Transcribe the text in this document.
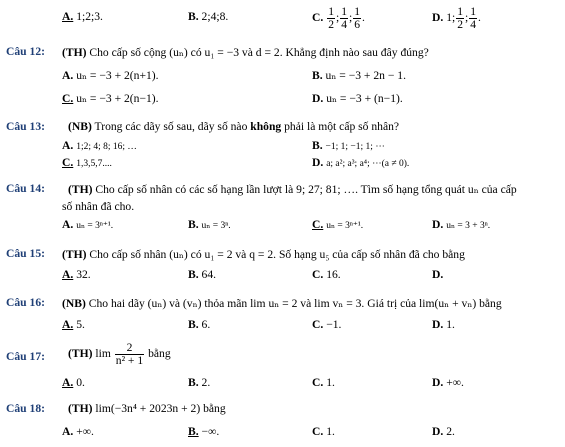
A. 1;2;3.	B. 2;4;8.	C. $\frac{1}{2}$ ; $\frac{1}{4}$ ; $\frac{1}{6}$ .	D. 1; $\frac{1}{2}$ ; $\frac{1}{4}$ .
Câu 12: (TH) Cho cấp số cộng (uₙ) có u₁ = −3 và d = 2. Khẳng định nào sau đây đúng?
A. uₙ = −3 + 2(n+1).	B. uₙ = −3 + 2n − 1.
C. uₙ = −3 + 2(n−1).	D. uₙ = −3 + (n−1).
Câu 13: (NB) Trong các dãy số sau, dãy số nào không phải là một cấp số nhân?
A. 1;2; 4; 8; 16; …	B. −1; 1; −1; 1; ⋯
C. 1,3,5,7....	D. a; a²; a³; a⁴; ⋯(a ≠ 0).
Câu 14: (TH) Cho cấp số nhân có các số hạng lần lượt là 9; 27; 81; …. Tìm số hạng tổng quát uₙ của cấp
số nhân đã cho.
A. uₙ = 3ⁿ⁺¹.	B. uₙ = 3ⁿ.	C. uₙ = 3ⁿ⁺¹.	D. uₙ = 3 + 3ⁿ.
Câu 15: (TH) Cho cấp số nhân (uₙ) có u₁ = 2 và q = 2. Số hạng u₅ của cấp số nhân đã cho bằng
A. 32.	B. 64.	C. 16.	D.
Câu 16: (NB) Cho hai dãy (uₙ) và (vₙ) thỏa mãn lim uₙ = 2 và lim vₙ = 3. Giá trị của lim(uₙ + vₙ) bằng
A. 5.	B. 6.	C. −1.	D. 1.
Câu 17: (TH) $\lim \frac{2}{\text{n² + 1}}$ bằng
A. 0.	B. 2.	C. 1.	D. +∞.
Câu 18: (TH) lim(−3n⁴ + 2023n + 2) bằng
A. +∞.	B. −∞.	C. 1.	D. 2.
